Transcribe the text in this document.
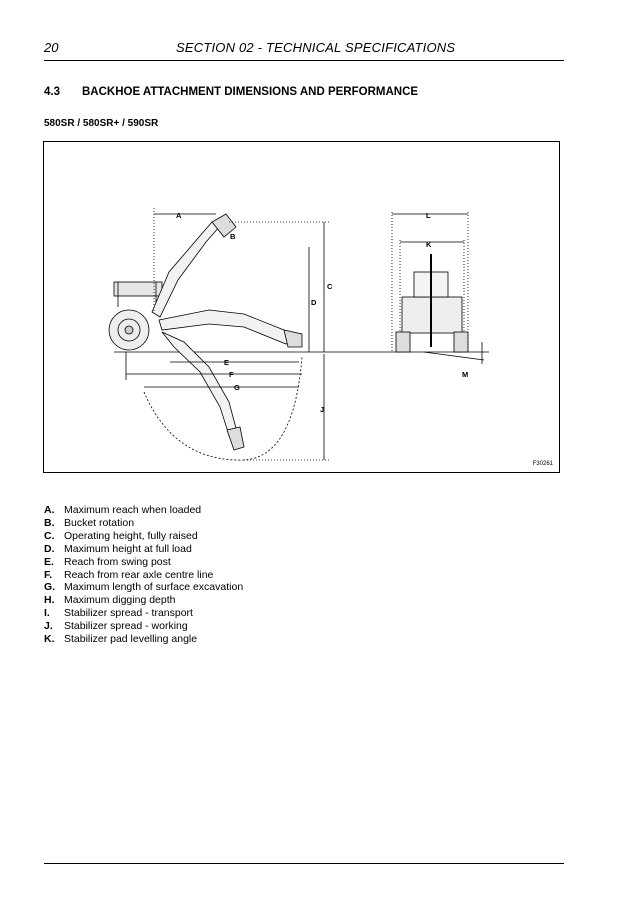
20	SECTION 02 - TECHNICAL SPECIFICATIONS
4.3 BACKHOE ATTACHMENT DIMENSIONS AND PERFORMANCE
580SR / 580SR+ / 590SR
A
B
C
D
E
F
G
J
K
L
M
F30261
A. Maximum reach when loaded
B. Bucket rotation
C. Operating height, fully raised
D. Maximum height at full load
E. Reach from swing post
F. Reach from rear axle centre line
G. Maximum length of surface excavation
H. Maximum digging depth
I. Stabilizer spread - transport
J. Stabilizer spread - working
K. Stabilizer pad levelling angle
